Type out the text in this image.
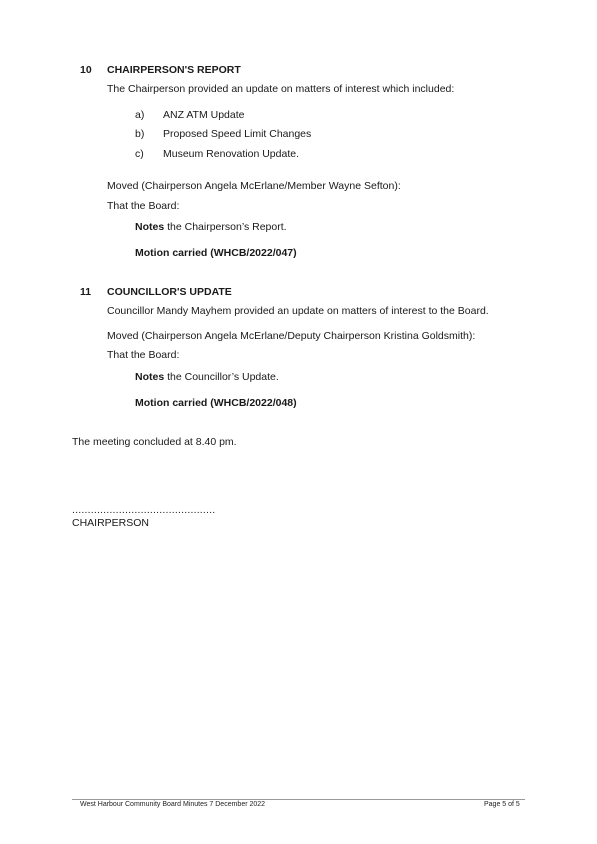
10 CHAIRPERSON'S REPORT
The Chairperson provided an update on matters of interest which included:
a) ANZ ATM Update
b) Proposed Speed Limit Changes
c) Museum Renovation Update.
Moved (Chairperson Angela McErlane/Member Wayne Sefton):
That the Board:
Notes the Chairperson’s Report.
Motion carried (WHCB/2022/047)
11 COUNCILLOR'S UPDATE
Councillor Mandy Mayhem provided an update on matters of interest to the Board.
Moved (Chairperson Angela McErlane/Deputy Chairperson Kristina Goldsmith):
That the Board:
Notes the Councillor’s Update.
Motion carried (WHCB/2022/048)
The meeting concluded at 8.40 pm.
..............................................
CHAIRPERSON
West Harbour Community Board Minutes 7 December 2022	Page 5 of 5
